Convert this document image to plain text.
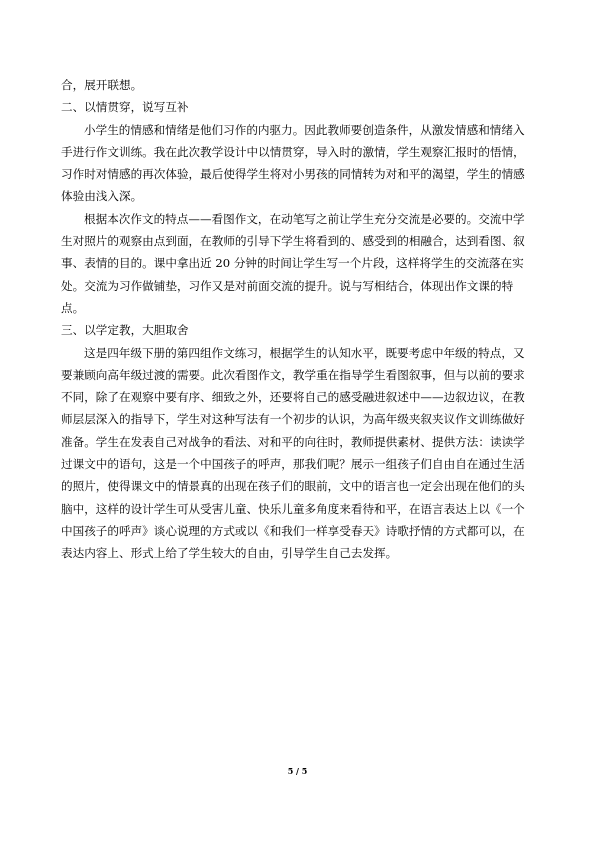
合，展开联想。
二、以情贯穿，说写互补
小学生的情感和情绪是他们习作的内驱力。因此教师要创造条件，从激发情感和情绪入
手进行作文训练。我在此次教学设计中以情贯穿，导入时的激情，学生观察汇报时的悟情，
习作时对情感的再次体验，最后使得学生将对小男孩的同情转为对和平的渴望，学生的情感
体验由浅入深。
根据本次作文的特点——看图作文，在动笔写之前让学生充分交流是必要的。交流中学
生对照片的观察由点到面，在教师的引导下学生将看到的、感受到的相融合，达到看图、叙
事、表情的目的。课中拿出近 20 分钟的时间让学生写一个片段，这样将学生的交流落在实
处。交流为习作做铺垫，习作又是对前面交流的提升。说与写相结合，体现出作文课的特
点。
三、以学定教，大胆取舍
这是四年级下册的第四组作文练习，根据学生的认知水平，既要考虑中年级的特点，又
要兼顾向高年级过渡的需要。此次看图作文，教学重在指导学生看图叙事，但与以前的要求
不同，除了在观察中要有序、细致之外，还要将自己的感受融进叙述中——边叙边议，在教
师层层深入的指导下，学生对这种写法有一个初步的认识，为高年级夹叙夹议作文训练做好
准备。学生在发表自己对战争的看法、对和平的向往时，教师提供素材、提供方法：读读学
过课文中的语句，这是一个中国孩子的呼声，那我们呢？展示一组孩子们自由自在通过生活
的照片，使得课文中的情景真的出现在孩子们的眼前，文中的语言也一定会出现在他们的头
脑中，这样的设计学生可从受害儿童、快乐儿童多角度来看待和平，在语言表达上以《一个
中国孩子的呼声》谈心说理的方式或以《和我们一样享受春天》诗歌抒情的方式都可以，在
表达内容上、形式上给了学生较大的自由，引导学生自己去发挥。
5 / 5
